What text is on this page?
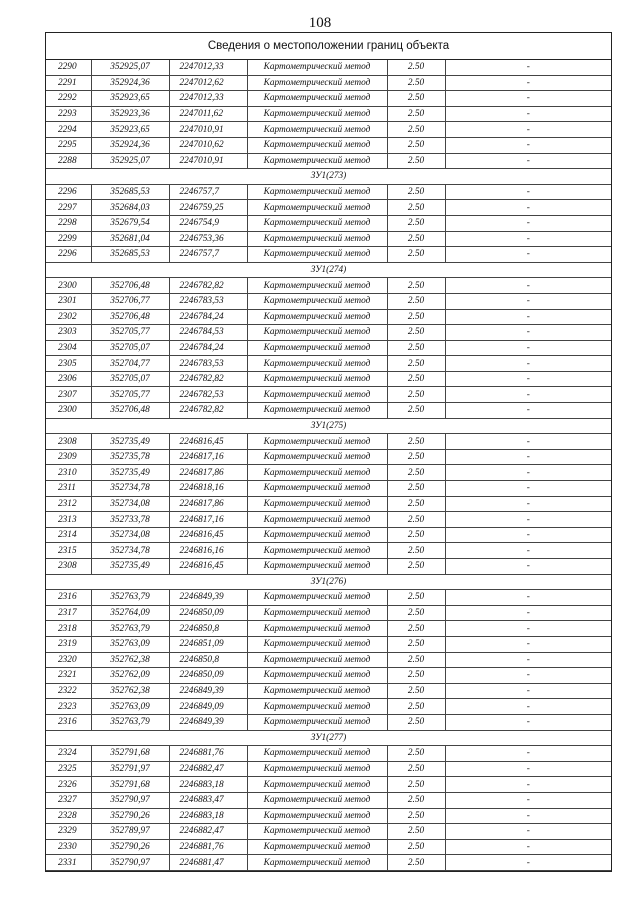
108
Сведения о местоположении границ объекта
2290	352925,07	2247012,33	Картометрический метод	2.50	-
2291	352924,36	2247012,62	Картометрический метод	2.50	-
2292	352923,65	2247012,33	Картометрический метод	2.50	-
2293	352923,36	2247011,62	Картометрический метод	2.50	-
2294	352923,65	2247010,91	Картометрический метод	2.50	-
2295	352924,36	2247010,62	Картометрический метод	2.50	-
2288	352925,07	2247010,91	Картометрический метод	2.50	-
ЗУ1(273)					
2296	352685,53	2246757,7	Картометрический метод	2.50	-
2297	352684,03	2246759,25	Картометрический метод	2.50	-
2298	352679,54	2246754,9	Картометрический метод	2.50	-
2299	352681,04	2246753,36	Картометрический метод	2.50	-
2296	352685,53	2246757,7	Картометрический метод	2.50	-
ЗУ1(274)					
2300	352706,48	2246782,82	Картометрический метод	2.50	-
2301	352706,77	2246783,53	Картометрический метод	2.50	-
2302	352706,48	2246784,24	Картометрический метод	2.50	-
2303	352705,77	2246784,53	Картометрический метод	2.50	-
2304	352705,07	2246784,24	Картометрический метод	2.50	-
2305	352704,77	2246783,53	Картометрический метод	2.50	-
2306	352705,07	2246782,82	Картометрический метод	2.50	-
2307	352705,77	2246782,53	Картометрический метод	2.50	-
2300	352706,48	2246782,82	Картометрический метод	2.50	-
ЗУ1(275)					
2308	352735,49	2246816,45	Картометрический метод	2.50	-
2309	352735,78	2246817,16	Картометрический метод	2.50	-
2310	352735,49	2246817,86	Картометрический метод	2.50	-
2311	352734,78	2246818,16	Картометрический метод	2.50	-
2312	352734,08	2246817,86	Картометрический метод	2.50	-
2313	352733,78	2246817,16	Картометрический метод	2.50	-
2314	352734,08	2246816,45	Картометрический метод	2.50	-
2315	352734,78	2246816,16	Картометрический метод	2.50	-
2308	352735,49	2246816,45	Картометрический метод	2.50	-
ЗУ1(276)					
2316	352763,79	2246849,39	Картометрический метод	2.50	-
2317	352764,09	2246850,09	Картометрический метод	2.50	-
2318	352763,79	2246850,8	Картометрический метод	2.50	-
2319	352763,09	2246851,09	Картометрический метод	2.50	-
2320	352762,38	2246850,8	Картометрический метод	2.50	-
2321	352762,09	2246850,09	Картометрический метод	2.50	-
2322	352762,38	2246849,39	Картометрический метод	2.50	-
2323	352763,09	2246849,09	Картометрический метод	2.50	-
2316	352763,79	2246849,39	Картометрический метод	2.50	-
ЗУ1(277)					
2324	352791,68	2246881,76	Картометрический метод	2.50	-
2325	352791,97	2246882,47	Картометрический метод	2.50	-
2326	352791,68	2246883,18	Картометрический метод	2.50	-
2327	352790,97	2246883,47	Картометрический метод	2.50	-
2328	352790,26	2246883,18	Картометрический метод	2.50	-
2329	352789,97	2246882,47	Картометрический метод	2.50	-
2330	352790,26	2246881,76	Картометрический метод	2.50	-
2331	352790,97	2246881,47	Картометрический метод	2.50	-
